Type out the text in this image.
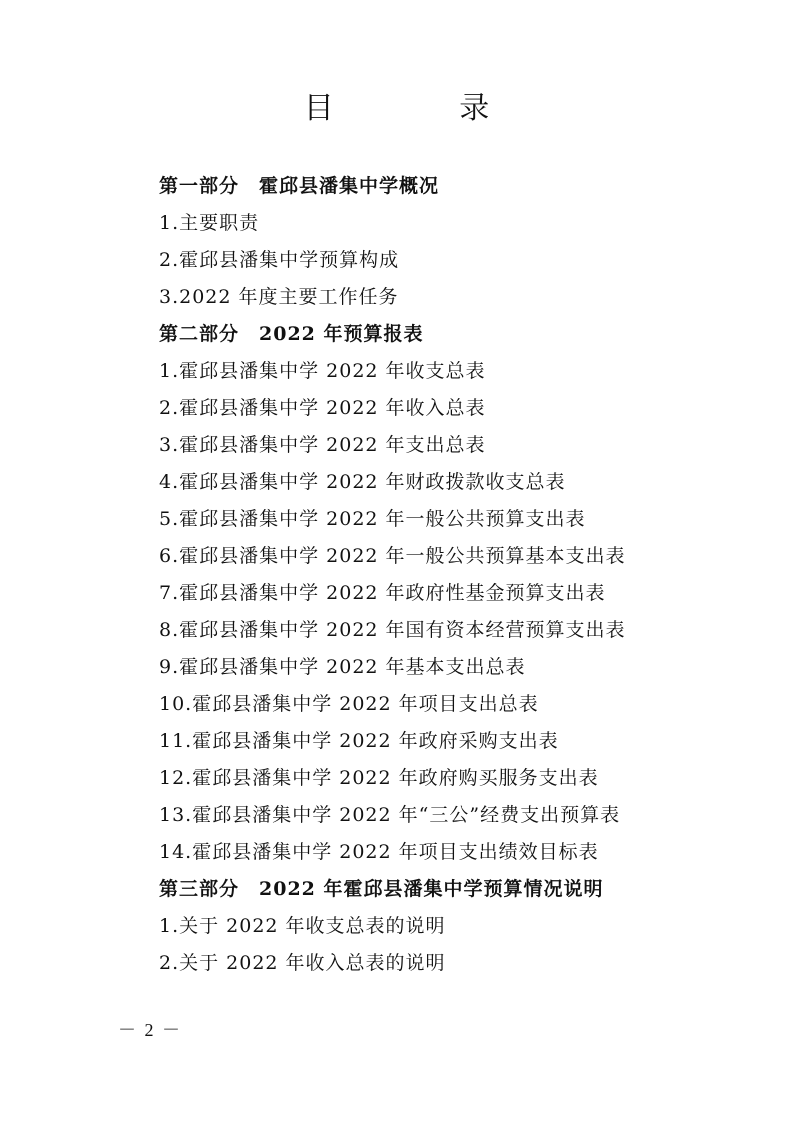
目 录
第一部分　霍邱县潘集中学概况
1.主要职责
2.霍邱县潘集中学预算构成
3.2022 年度主要工作任务
第二部分　2022 年预算报表
1.霍邱县潘集中学 2022 年收支总表
2.霍邱县潘集中学 2022 年收入总表
3.霍邱县潘集中学 2022 年支出总表
4.霍邱县潘集中学 2022 年财政拨款收支总表
5.霍邱县潘集中学 2022 年一般公共预算支出表
6.霍邱县潘集中学 2022 年一般公共预算基本支出表
7.霍邱县潘集中学 2022 年政府性基金预算支出表
8.霍邱县潘集中学 2022 年国有资本经营预算支出表
9.霍邱县潘集中学 2022 年基本支出总表
10.霍邱县潘集中学 2022 年项目支出总表
11.霍邱县潘集中学 2022 年政府采购支出表
12.霍邱县潘集中学 2022 年政府购买服务支出表
13.霍邱县潘集中学 2022 年“三公”经费支出预算表
14.霍邱县潘集中学 2022 年项目支出绩效目标表
第三部分　2022 年霍邱县潘集中学预算情况说明
1.关于 2022 年收支总表的说明
2.关于 2022 年收入总表的说明
－ 2 －
